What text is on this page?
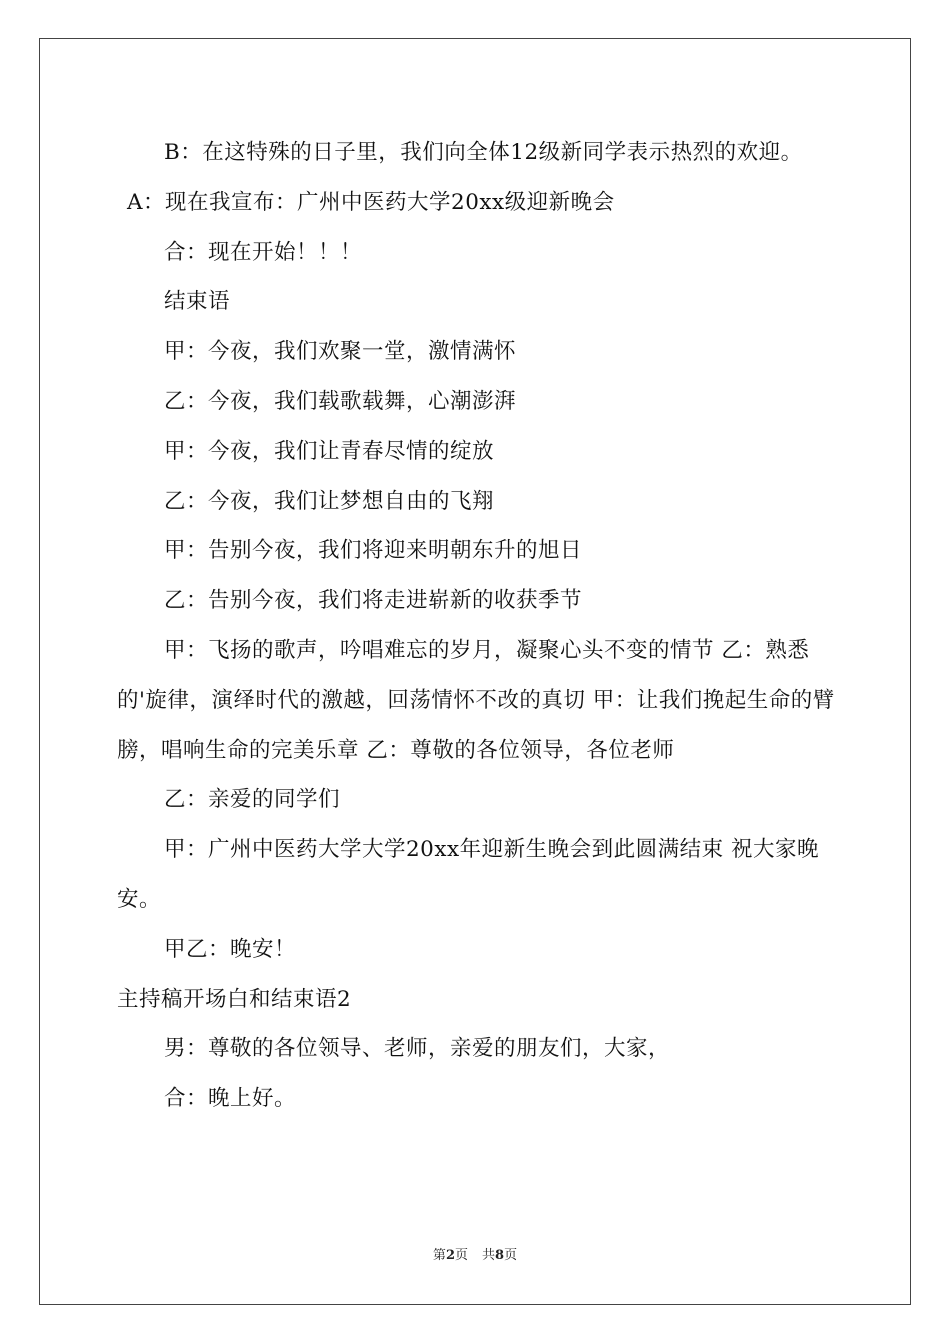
B：在这特殊的日子里，我们向全体12级新同学表示热烈的欢迎。

A：现在我宣布：广州中医药大学20xx级迎新晚会

合：现在开始！！！

结束语

甲：今夜，我们欢聚一堂，激情满怀

乙：今夜，我们载歌载舞，心潮澎湃

甲：今夜，我们让青春尽情的绽放

乙：今夜，我们让梦想自由的飞翔

甲：告别今夜，我们将迎来明朝东升的旭日

乙：告别今夜，我们将走进崭新的收获季节

甲：飞扬的歌声，吟唱难忘的岁月，凝聚心头不变的情节 乙：熟悉的'旋律，演绎时代的激越，回荡情怀不改的真切 甲：让我们挽起生命的臂膀，唱响生命的完美乐章 乙：尊敬的各位领导，各位老师

乙：亲爱的同学们

甲：广州中医药大学大学20xx年迎新生晚会到此圆满结束 祝大家晚安。

甲乙：晚安！

主持稿开场白和结束语2

男：尊敬的各位领导、老师，亲爱的朋友们，大家，

合：晚上好。

第2页 共8页
